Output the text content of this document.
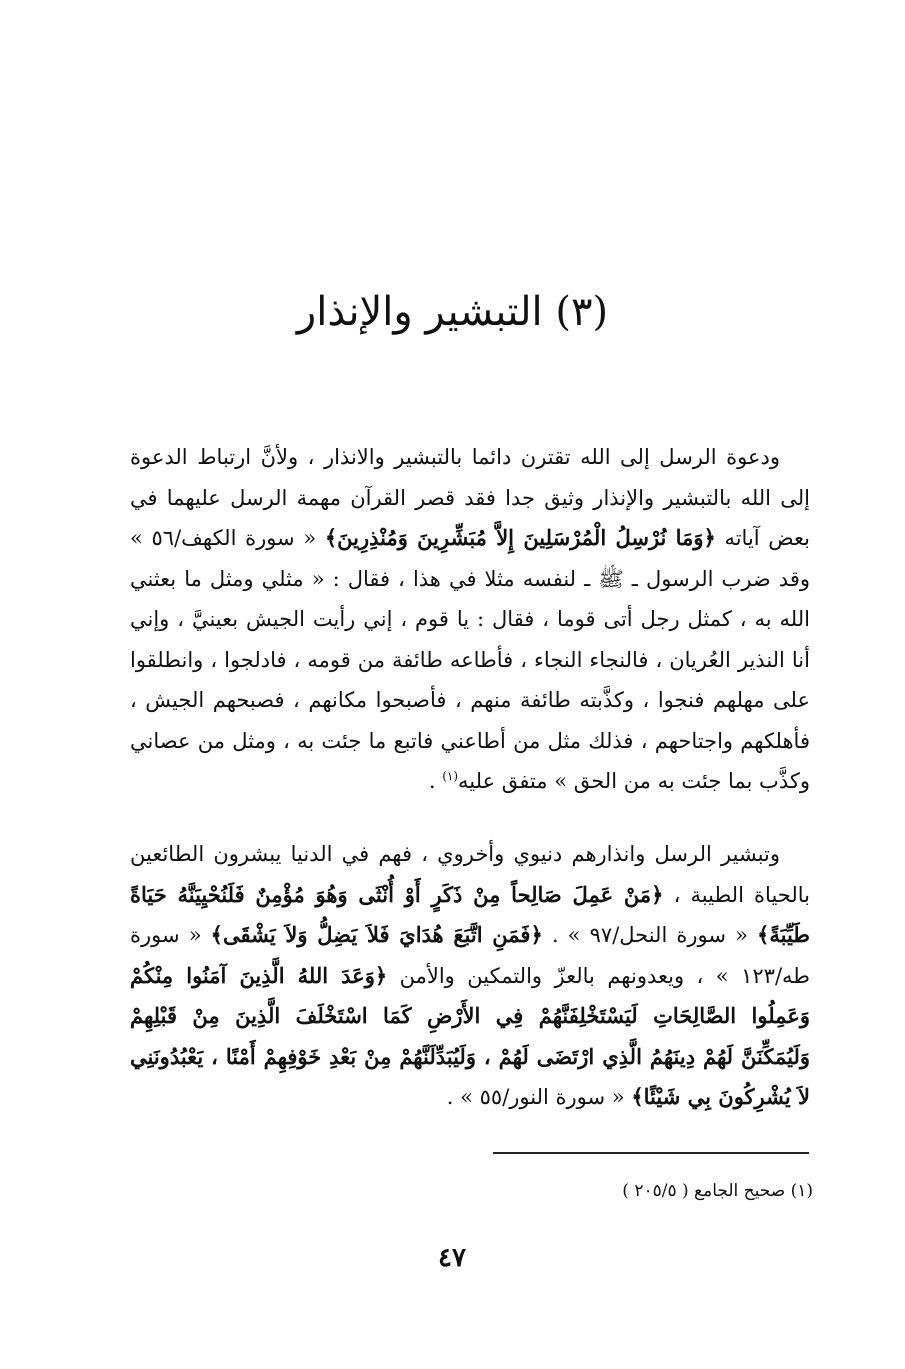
(٣) التبشير والإنذار

ودعوة الرسل إلى الله تقترن دائما بالتبشير والانذار ، ولأنَّ ارتباط الدعوة إلى الله بالتبشير والإنذار وثيق جدا فقد قصر القرآن مهمة الرسل عليهما في بعض آياته ﴿وَمَا نُرْسِلُ الْمُرْسَلِينَ إِلاَّ مُبَشِّرِينَ وَمُنْذِرِينَ﴾ « سورة الكهف/٥٦ » وقد ضرب الرسول ـ ﷺ ـ لنفسه مثلا في هذا ، فقال : « مثلي ومثل ما بعثني الله به ، كمثل رجل أتى قوما ، فقال : يا قوم ، إني رأيت الجيش بعينيَّ ، وإني أنا النذير العُريان ، فالنجاء النجاء ، فأطاعه طائفة من قومه ، فادلجوا ، وانطلقوا على مهلهم فنجوا ، وكذَّبته طائفة منهم ، فأصبحوا مكانهم ، فصبحهم الجيش ، فأهلكهم واجتاحهم ، فذلك مثل من أطاعني فاتبع ما جئت به ، ومثل من عصاني وكذَّب بما جئت به من الحق » متفق عليه$^{(١)}$ .

وتبشير الرسل وانذارهم دنيوي وأخروي ، فهم في الدنيا يبشرون الطائعين بالحياة الطيبة ، ﴿مَنْ عَمِلَ صَالِحاً مِنْ ذَكَرٍ أَوْ أُنْثَى وَهُوَ مُؤْمِنٌ فَلَنُحْيِيَنَّهُ حَيَاةً طَيِّبَةً﴾ « سورة النحل/٩٧ » . ﴿فَمَنِ اتَّبَعَ هُدَايَ فَلاَ يَضِلُّ وَلاَ يَشْقَى﴾ « سورة طه/١٢٣ » ، ويعدونهم بالعزّ والتمكين والأمن ﴿وَعَدَ اللهُ الَّذِينَ آمَنُوا مِنْكُمْ وَعَمِلُوا الصَّالِحَاتِ لَيَسْتَخْلِفَنَّهُمْ فِي الأَرْضِ كَمَا اسْتَخْلَفَ الَّذِينَ مِنْ قَبْلِهِمْ وَلَيُمَكِّنَنَّ لَهُمْ دِينَهُمُ الَّذِي ارْتَضَى لَهُمْ ، وَلَيُبَدِّلَنَّهُمْ مِنْ بَعْدِ خَوْفِهِمْ أَمْنًا ، يَعْبُدُونَنِي لاَ يُشْرِكُونَ بِي شَيْئًا﴾ « سورة النور/٥٥ » .

(١) صحيح الجامع ( ٢٠٥/٥ )

٤٧
